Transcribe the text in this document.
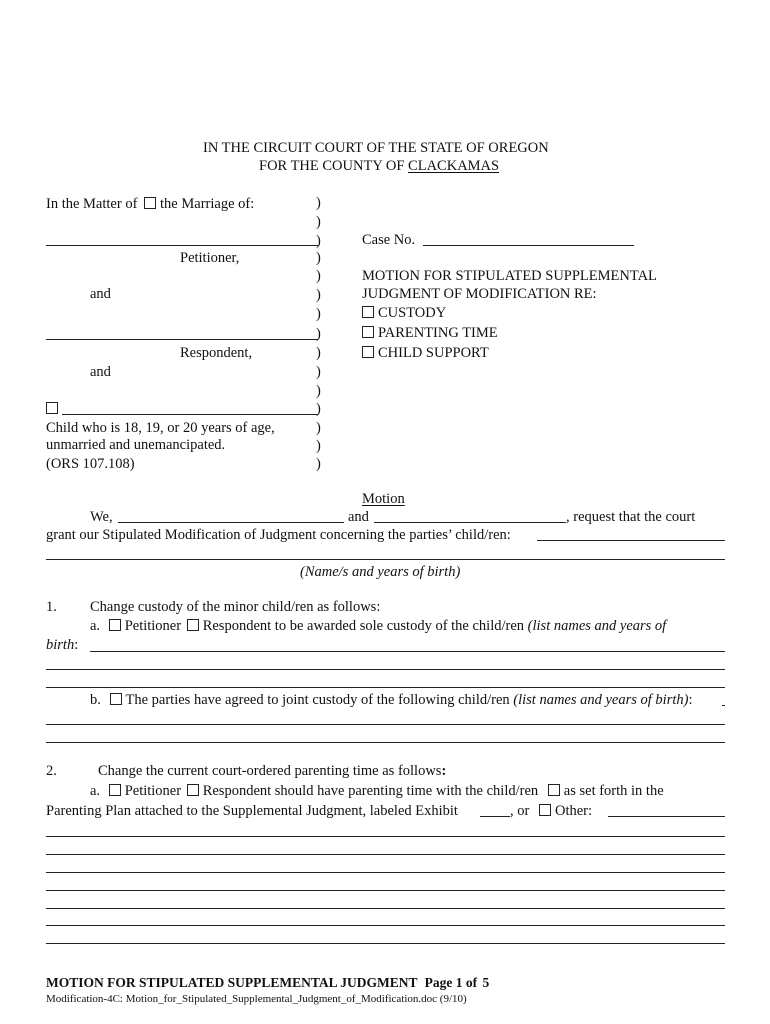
IN THE CIRCUIT COURT OF THE STATE OF OREGON
FOR THE COUNTY OF CLACKAMAS
In the Matter of the Marriage of:
Petitioner,
and
Respondent,
and
Child who is 18, 19, or 20 years of age,
unmarried and unemancipated.
(ORS 107.108)
)
)
)
)
)
)
)
)
)
)
)
)
)
)
)
Case No.
MOTION FOR STIPULATED SUPPLEMENTAL
JUDGMENT OF MODIFICATION RE:
CUSTODY
PARENTING TIME
CHILD SUPPORT
Motion
We,	and	, request that the court
grant our Stipulated Modification of Judgment concerning the parties’ child/ren:
(Name/s and years of birth)
1. Change custody of the minor child/ren as follows:
a. Petitioner Respondent to be awarded sole custody of the child/ren (list names and years of
birth:
b. The parties have agreed to joint custody of the following child/ren (list names and years of birth):
2.	Change the current court-ordered parenting time as follows:
a. Petitioner Respondent should have parenting time with the child/ren as set forth in the
Parenting Plan attached to the Supplemental Judgment, labeled Exhibit	, or Other:
MOTION FOR STIPULATED SUPPLEMENTAL JUDGMENT Page 1 of 5
Modification-4C: Motion_for_Stipulated_Supplemental_Judgment_of_Modification.doc (9/10)
